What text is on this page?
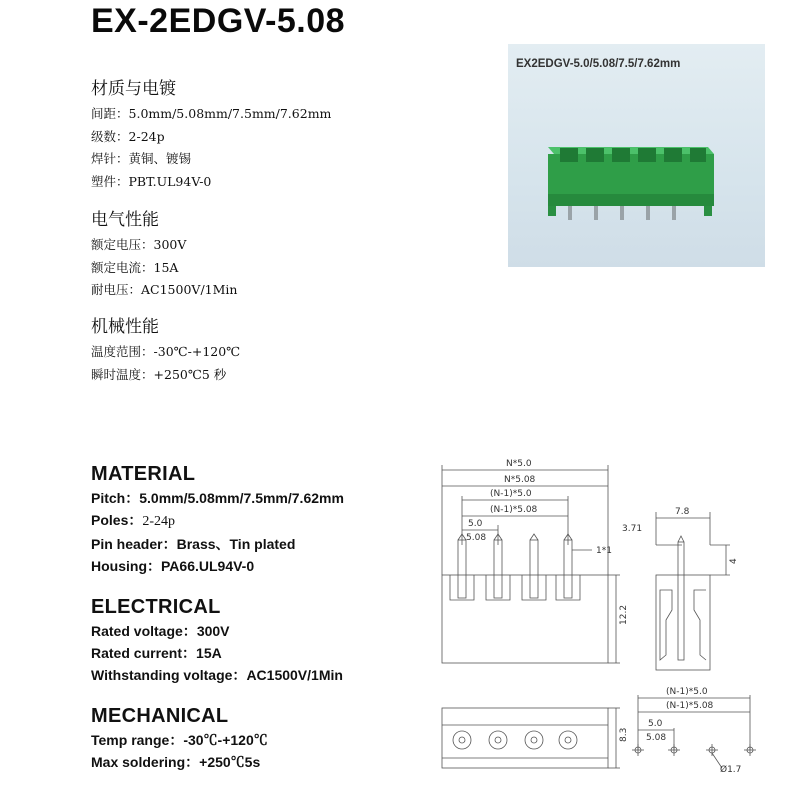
EX-2EDGV-5.08
材质与电镀
间距：5.0mm/5.08mm/7.5mm/7.62mm
级数：2-24p
焊针：黄铜、镀锡
塑件：PBT.UL94V-0
电气性能
额定电压：300V
额定电流：15A
耐电压：AC1500V/1Min
机械性能
温度范围：-30℃-+120℃
瞬时温度：+250℃5 秒
EX2EDGV-5.0/5.08/7.5/7.62mm
MATERIAL
Pitch：5.0mm/5.08mm/7.5mm/7.62mm
Poles：2-24p
Pin header：Brass、Tin plated
Housing：PA66.UL94V-0
ELECTRICAL
Rated voltage：300V
Rated current：15A
Withstanding voltage：AC1500V/1Min
MECHANICAL
Temp range：-30℃-+120℃
Max soldering：+250℃5s
N*5.0
N*5.08
(N-1)*5.0
(N-1)*5.08
5.0
5.08
1*1
12.2
7.8
3.71
4
8.3
(N-1)*5.0
(N-1)*5.08
5.0
5.08
Ø1.7
